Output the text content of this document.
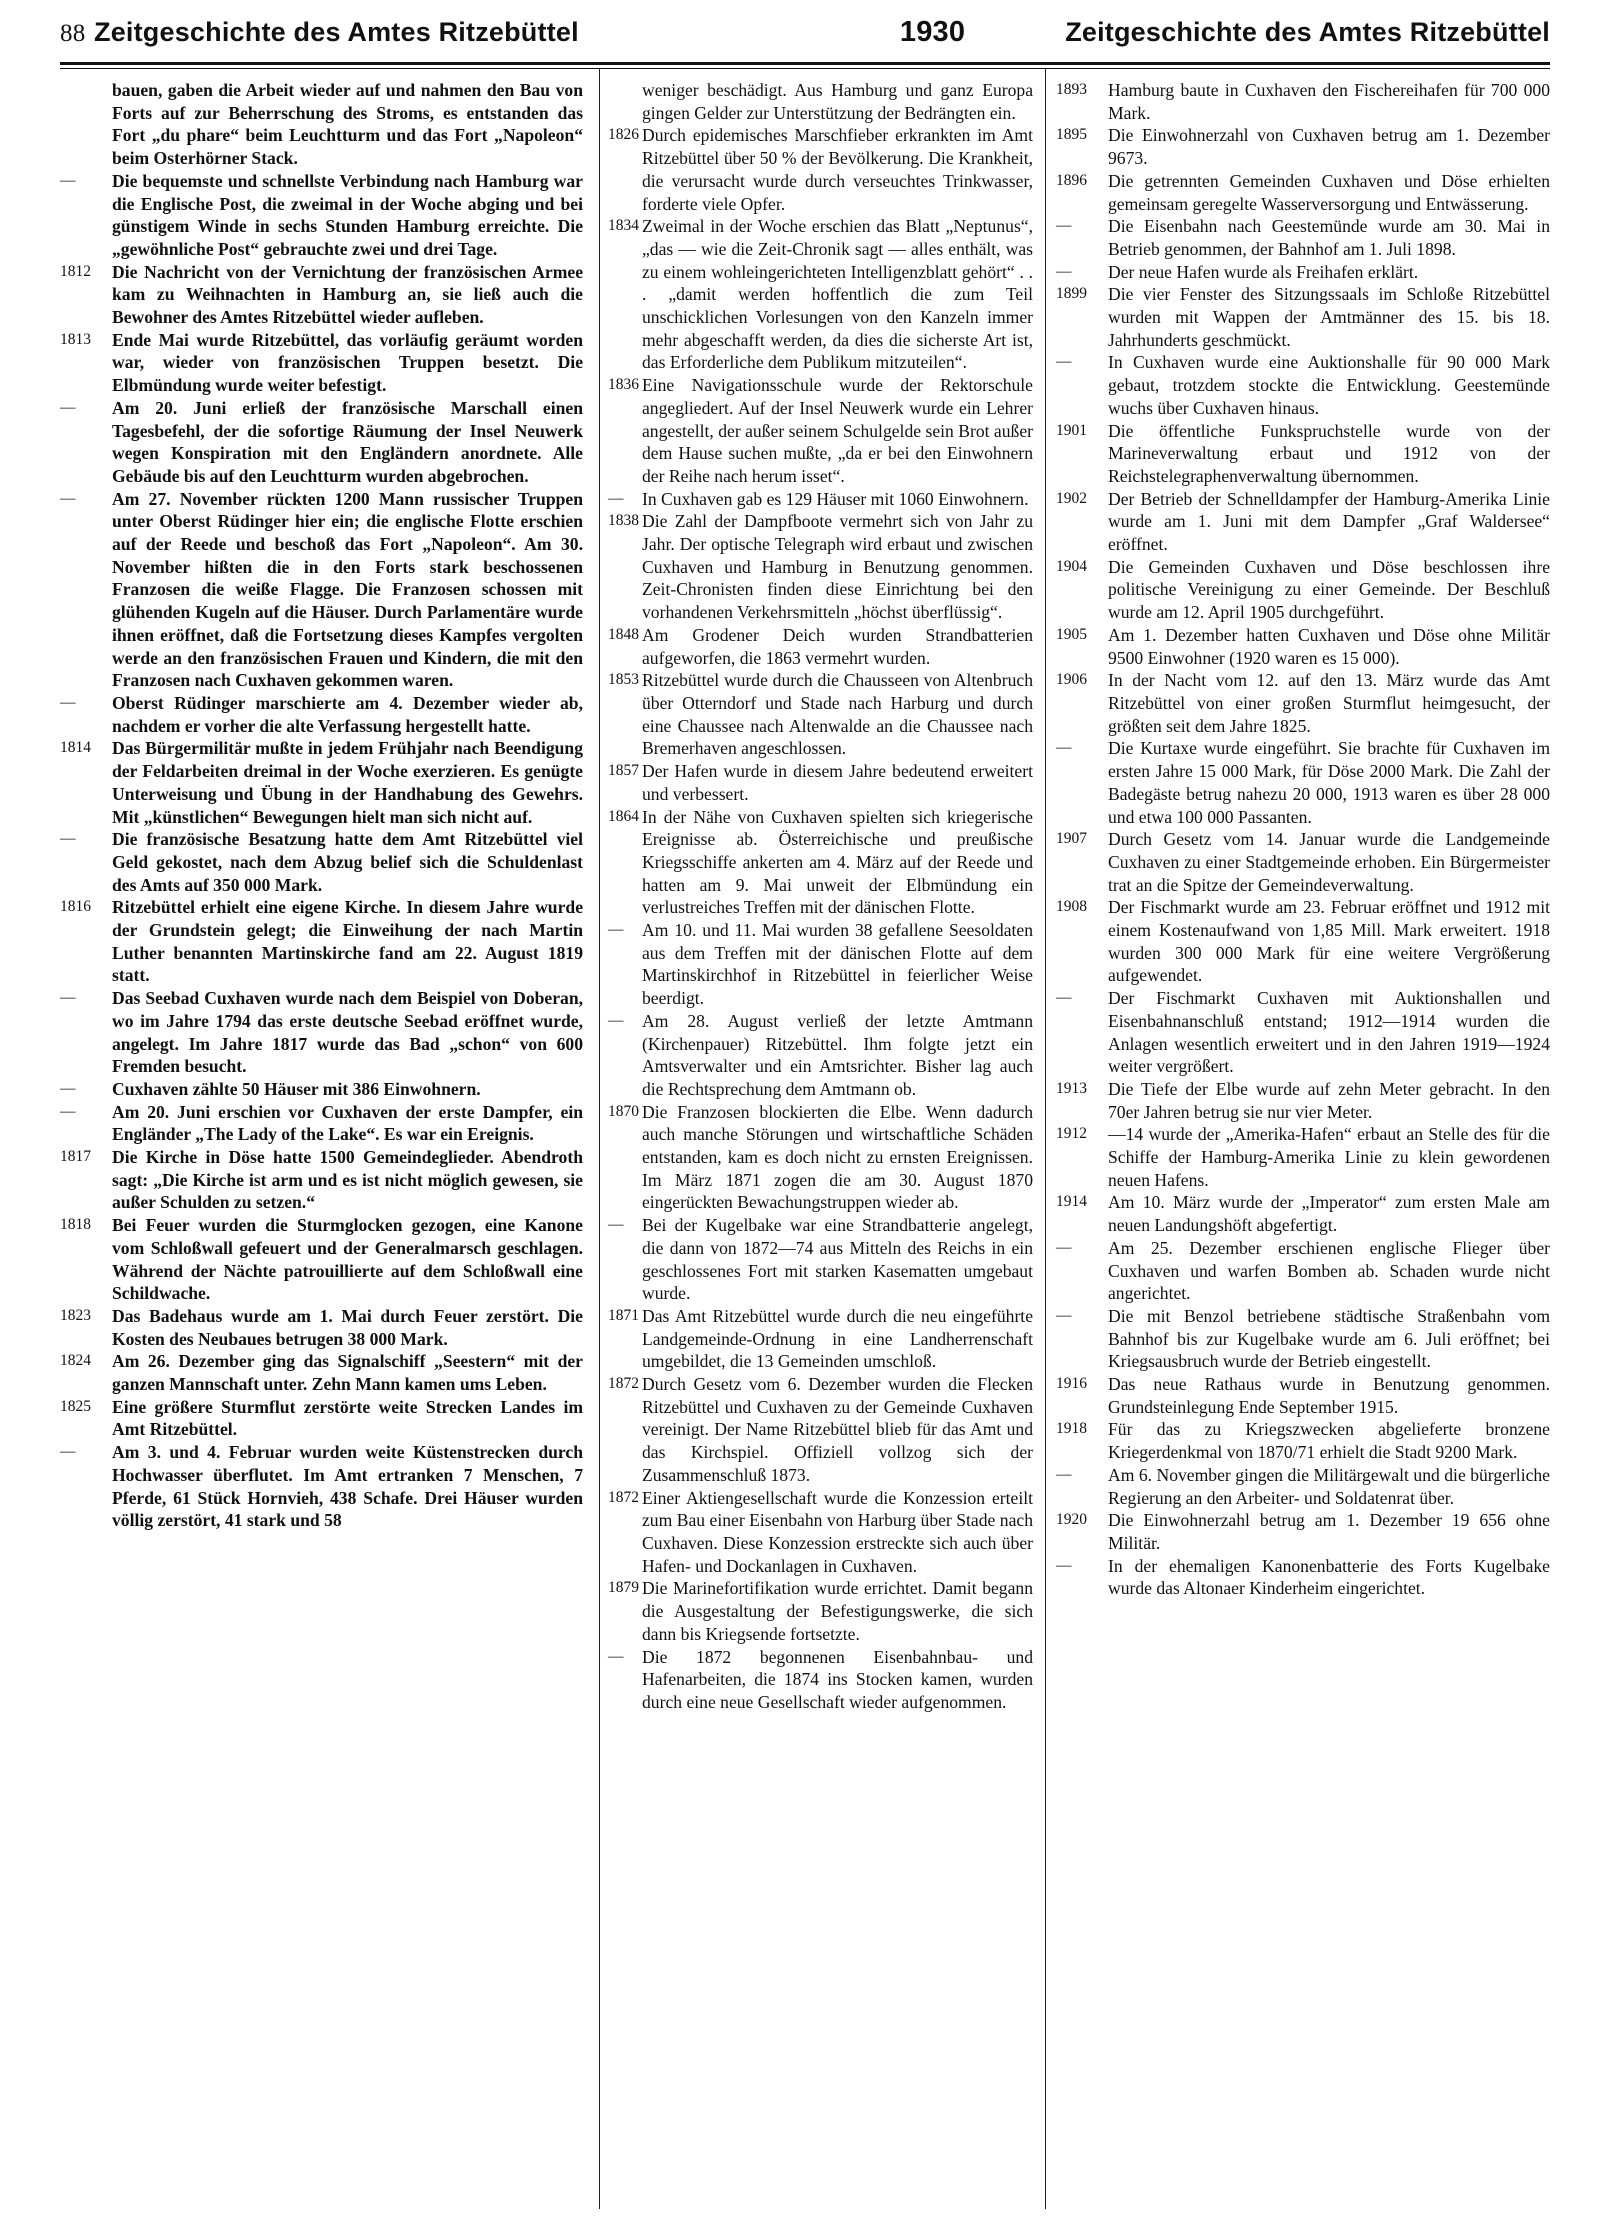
88 Zeitgeschichte des Amtes Ritzebüttel	1930	Zeitgeschichte des Amtes Ritzebüttel
bauen, gaben die Arbeit wieder auf und nahmen den Bau von Forts auf zur Beherrschung des Stroms, es entstanden das Fort „du phare“ beim Leuchtturm und das Fort „Napoleon“ beim Osterhörner Stack.
—	Die bequemste und schnellste Verbindung nach Hamburg war die Englische Post, die zweimal in der Woche abging und bei günstigem Winde in sechs Stunden Hamburg erreichte. Die „gewöhnliche Post“ gebrauchte zwei und drei Tage.
1812	Die Nachricht von der Vernichtung der französischen Armee kam zu Weihnachten in Hamburg an, sie ließ auch die Bewohner des Amtes Ritzebüttel wieder aufleben.
1813	Ende Mai wurde Ritzebüttel, das vorläufig geräumt worden war, wieder von französischen Truppen besetzt. Die Elbmündung wurde weiter befestigt.
—	Am 20. Juni erließ der französische Marschall einen Tagesbefehl, der die sofortige Räumung der Insel Neuwerk wegen Konspiration mit den Engländern anordnete. Alle Gebäude bis auf den Leuchtturm wurden abgebrochen.
—	Am 27. November rückten 1200 Mann russischer Truppen unter Oberst Rüdinger hier ein; die englische Flotte erschien auf der Reede und beschoß das Fort „Napoleon“. Am 30. November hißten die in den Forts stark beschossenen Franzosen die weiße Flagge. Die Franzosen schossen mit glühenden Kugeln auf die Häuser. Durch Parlamentäre wurde ihnen eröffnet, daß die Fortsetzung dieses Kampfes vergolten werde an den französischen Frauen und Kindern, die mit den Franzosen nach Cuxhaven gekommen waren.
—	Oberst Rüdinger marschierte am 4. Dezember wieder ab, nachdem er vorher die alte Verfassung hergestellt hatte.
1814	Das Bürgermilitär mußte in jedem Frühjahr nach Beendigung der Feldarbeiten dreimal in der Woche exerzieren. Es genügte Unterweisung und Übung in der Handhabung des Gewehrs. Mit „künstlichen“ Bewegungen hielt man sich nicht auf.
—	Die französische Besatzung hatte dem Amt Ritzebüttel viel Geld gekostet, nach dem Abzug belief sich die Schuldenlast des Amts auf 350 000 Mark.
1816	Ritzebüttel erhielt eine eigene Kirche. In diesem Jahre wurde der Grundstein gelegt; die Einweihung der nach Martin Luther benannten Martinskirche fand am 22. August 1819 statt.
—	Das Seebad Cuxhaven wurde nach dem Beispiel von Doberan, wo im Jahre 1794 das erste deutsche Seebad eröffnet wurde, angelegt. Im Jahre 1817 wurde das Bad „schon“ von 600 Fremden besucht.
—	Cuxhaven zählte 50 Häuser mit 386 Einwohnern.
—	Am 20. Juni erschien vor Cuxhaven der erste Dampfer, ein Engländer „The Lady of the Lake“. Es war ein Ereignis.
1817	Die Kirche in Döse hatte 1500 Gemeindeglieder. Abendroth sagt: „Die Kirche ist arm und es ist nicht möglich gewesen, sie außer Schulden zu setzen.“
1818	Bei Feuer wurden die Sturmglocken gezogen, eine Kanone vom Schloßwall gefeuert und der Generalmarsch geschlagen. Während der Nächte patrouillierte auf dem Schloßwall eine Schildwache.
1823	Das Badehaus wurde am 1. Mai durch Feuer zerstört. Die Kosten des Neubaues betrugen 38 000 Mark.
1824	Am 26. Dezember ging das Signalschiff „Seestern“ mit der ganzen Mannschaft unter. Zehn Mann kamen ums Leben.
1825	Eine größere Sturmflut zerstörte weite Strecken Landes im Amt Ritzebüttel.
—	Am 3. und 4. Februar wurden weite Küstenstrecken durch Hochwasser überflutet. Im Amt ertranken 7 Menschen, 7 Pferde, 61 Stück Hornvieh, 438 Schafe. Drei Häuser wurden völlig zerstört, 41 stark und 58
weniger beschädigt. Aus Hamburg und ganz Europa gingen Gelder zur Unterstützung der Bedrängten ein.
1826 Durch epidemisches Marschfieber erkrankten im Amt Ritzebüttel über 50 % der Bevölkerung. Die Krankheit, die verursacht wurde durch verseuchtes Trinkwasser, forderte viele Opfer.
1834 Zweimal in der Woche erschien das Blatt „Neptunus“, „das — wie die Zeit-Chronik sagt — alles enthält, was zu einem wohleingerichteten Intelligenzblatt gehört“ . . . „damit werden hoffentlich die zum Teil unschicklichen Vorlesungen von den Kanzeln immer mehr abgeschafft werden, da dies die sicherste Art ist, das Erforderliche dem Publikum mitzuteilen“.
1836 Eine Navigationsschule wurde der Rektorschule angegliedert. Auf der Insel Neuwerk wurde ein Lehrer angestellt, der außer seinem Schulgelde sein Brot außer dem Hause suchen mußte, „da er bei den Einwohnern der Reihe nach herum isset“.
—	In Cuxhaven gab es 129 Häuser mit 1060 Einwohnern.
1838 Die Zahl der Dampfboote vermehrt sich von Jahr zu Jahr. Der optische Telegraph wird erbaut und zwischen Cuxhaven und Hamburg in Benutzung genommen. Zeit-Chronisten finden diese Einrichtung bei den vorhandenen Verkehrsmitteln „höchst überflüssig“.
1848 Am Grodener Deich wurden Strandbatterien aufgeworfen, die 1863 vermehrt wurden.
1853 Ritzebüttel wurde durch die Chausseen von Altenbruch über Otterndorf und Stade nach Harburg und durch eine Chaussee nach Altenwalde an die Chaussee nach Bremerhaven angeschlossen.
1857 Der Hafen wurde in diesem Jahre bedeutend erweitert und verbessert.
1864 In der Nähe von Cuxhaven spielten sich kriegerische Ereignisse ab. Österreichische und preußische Kriegsschiffe ankerten am 4. März auf der Reede und hatten am 9. Mai unweit der Elbmündung ein verlustreiches Treffen mit der dänischen Flotte.
—	Am 10. und 11. Mai wurden 38 gefallene Seesoldaten aus dem Treffen mit der dänischen Flotte auf dem Martinskirchhof in Ritzebüttel in feierlicher Weise beerdigt.
—	Am 28. August verließ der letzte Amtmann (Kirchenpauer) Ritzebüttel. Ihm folgte jetzt ein Amtsverwalter und ein Amtsrichter. Bisher lag auch die Rechtsprechung dem Amtmann ob.
1870 Die Franzosen blockierten die Elbe. Wenn dadurch auch manche Störungen und wirtschaftliche Schäden entstanden, kam es doch nicht zu ernsten Ereignissen. Im März 1871 zogen die am 30. August 1870 eingerückten Bewachungstruppen wieder ab.
—	Bei der Kugelbake war eine Strandbatterie angelegt, die dann von 1872—74 aus Mitteln des Reichs in ein geschlossenes Fort mit starken Kasematten umgebaut wurde.
1871 Das Amt Ritzebüttel wurde durch die neu eingeführte Landgemeinde-Ordnung in eine Landherrenschaft umgebildet, die 13 Gemeinden umschloß.
1872 Durch Gesetz vom 6. Dezember wurden die Flecken Ritzebüttel und Cuxhaven zu der Gemeinde Cuxhaven vereinigt. Der Name Ritzebüttel blieb für das Amt und das Kirchspiel. Offiziell vollzog sich der Zusammenschluß 1873.
1872 Einer Aktiengesellschaft wurde die Konzession erteilt zum Bau einer Eisenbahn von Harburg über Stade nach Cuxhaven. Diese Konzession erstreckte sich auch über Hafen- und Dockanlagen in Cuxhaven.
1879 Die Marinefortifikation wurde errichtet. Damit begann die Ausgestaltung der Befestigungswerke, die sich dann bis Kriegsende fortsetzte.
—	Die 1872 begonnenen Eisenbahnbau- und Hafenarbeiten, die 1874 ins Stocken kamen, wurden durch eine neue Gesellschaft wieder aufgenommen.
1893	Hamburg baute in Cuxhaven den Fischereihafen für 700 000 Mark.
1895	Die Einwohnerzahl von Cuxhaven betrug am 1. Dezember 9673.
1896	Die getrennten Gemeinden Cuxhaven und Döse erhielten gemeinsam geregelte Wasserversorgung und Entwässerung.
—	Die Eisenbahn nach Geestemünde wurde am 30. Mai in Betrieb genommen, der Bahnhof am 1. Juli 1898.
—	Der neue Hafen wurde als Freihafen erklärt.
1899	Die vier Fenster des Sitzungssaals im Schloße Ritzebüttel wurden mit Wappen der Amtmänner des 15. bis 18. Jahrhunderts geschmückt.
—	In Cuxhaven wurde eine Auktionshalle für 90 000 Mark gebaut, trotzdem stockte die Entwicklung. Geestemünde wuchs über Cuxhaven hinaus.
1901	Die öffentliche Funkspruchstelle wurde von der Marineverwaltung erbaut und 1912 von der Reichstelegraphenverwaltung übernommen.
1902	Der Betrieb der Schnelldampfer der Hamburg-Amerika Linie wurde am 1. Juni mit dem Dampfer „Graf Waldersee“ eröffnet.
1904	Die Gemeinden Cuxhaven und Döse beschlossen ihre politische Vereinigung zu einer Gemeinde. Der Beschluß wurde am 12. April 1905 durchgeführt.
1905	Am 1. Dezember hatten Cuxhaven und Döse ohne Militär 9500 Einwohner (1920 waren es 15 000).
1906	In der Nacht vom 12. auf den 13. März wurde das Amt Ritzebüttel von einer großen Sturmflut heimgesucht, der größten seit dem Jahre 1825.
—	Die Kurtaxe wurde eingeführt. Sie brachte für Cuxhaven im ersten Jahre 15 000 Mark, für Döse 2000 Mark. Die Zahl der Badegäste betrug nahezu 20 000, 1913 waren es über 28 000 und etwa 100 000 Passanten.
1907	Durch Gesetz vom 14. Januar wurde die Landgemeinde Cuxhaven zu einer Stadtgemeinde erhoben. Ein Bürgermeister trat an die Spitze der Gemeindeverwaltung.
1908	Der Fischmarkt wurde am 23. Februar eröffnet und 1912 mit einem Kostenaufwand von 1,85 Mill. Mark erweitert. 1918 wurden 300 000 Mark für eine weitere Vergrößerung aufgewendet.
—	Der Fischmarkt Cuxhaven mit Auktionshallen und Eisenbahnanschluß entstand; 1912—1914 wurden die Anlagen wesentlich erweitert und in den Jahren 1919—1924 weiter vergrößert.
1913	Die Tiefe der Elbe wurde auf zehn Meter gebracht. In den 70er Jahren betrug sie nur vier Meter.
1912	—14 wurde der „Amerika-Hafen“ erbaut an Stelle des für die Schiffe der Hamburg-Amerika Linie zu klein gewordenen neuen Hafens.
1914	Am 10. März wurde der „Imperator“ zum ersten Male am neuen Landungshöft abgefertigt.
—	Am 25. Dezember erschienen englische Flieger über Cuxhaven und warfen Bomben ab. Schaden wurde nicht angerichtet.
—	Die mit Benzol betriebene städtische Straßenbahn vom Bahnhof bis zur Kugelbake wurde am 6. Juli eröffnet; bei Kriegsausbruch wurde der Betrieb eingestellt.
1916	Das neue Rathaus wurde in Benutzung genommen. Grundsteinlegung Ende September 1915.
1918	Für das zu Kriegszwecken abgelieferte bronzene Kriegerdenkmal von 1870/71 erhielt die Stadt 9200 Mark.
—	Am 6. November gingen die Militärgewalt und die bürgerliche Regierung an den Arbeiter- und Soldatenrat über.
1920	Die Einwohnerzahl betrug am 1. Dezember 19 656 ohne Militär.
—	In der ehemaligen Kanonenbatterie des Forts Kugelbake wurde das Altonaer Kinderheim eingerichtet.
